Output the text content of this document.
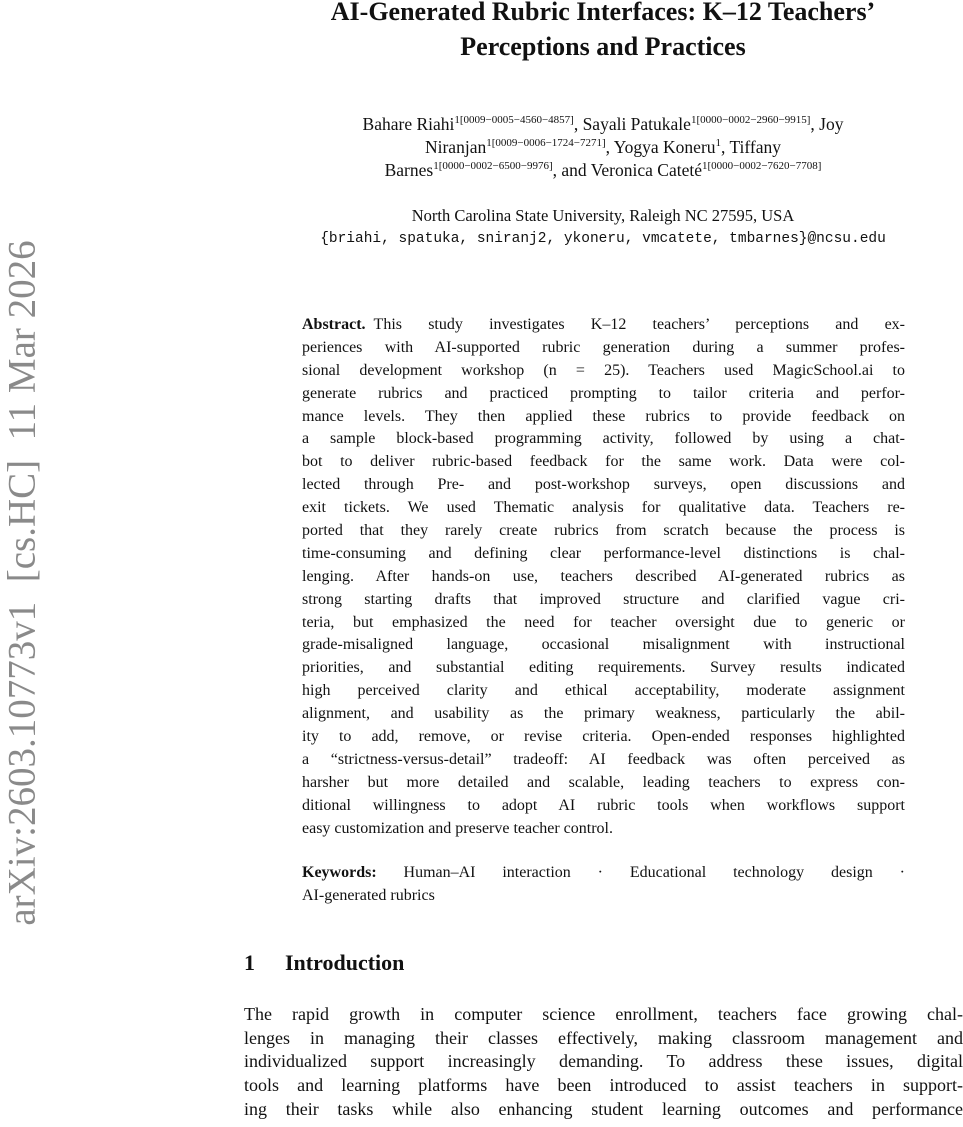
arXiv:2603.10773v1  [cs.HC]  11 Mar 2026
AI-Generated Rubric Interfaces: K–12 Teachers’
Perceptions and Practices
Bahare Riahi$^{1[0009-0005-4560-4857]}$, Sayali Patukale$^{1[0000-0002-2960-9915]}$, Joy
Niranjan$^{1[0009-0006-1724-7271]}$, Yogya Koneru$^1$, Tiffany
Barnes$^{1[0000-0002-6500-9976]}$, and Veronica Cateté$^{1[0000-0002-7620-7708]}$
North Carolina State University, Raleigh NC 27595, USA
{briahi, spatuka, sniranj2, ykoneru, vmcatete, tmbarnes}@ncsu.edu
Abstract.  This study investigates K–12 teachers’ perceptions and ex-
periences with AI-supported rubric generation during a summer profes-
sional development workshop (n = 25). Teachers used MagicSchool.ai to
generate rubrics and practiced prompting to tailor criteria and perfor-
mance levels. They then applied these rubrics to provide feedback on
a sample block-based programming activity, followed by using a chat-
bot to deliver rubric-based feedback for the same work. Data were col-
lected through Pre- and post-workshop surveys, open discussions and
exit tickets. We used Thematic analysis for qualitative data. Teachers re-
ported that they rarely create rubrics from scratch because the process is
time-consuming and defining clear performance-level distinctions is chal-
lenging. After hands-on use, teachers described AI-generated rubrics as
strong starting drafts that improved structure and clarified vague cri-
teria, but emphasized the need for teacher oversight due to generic or
grade-misaligned language, occasional misalignment with instructional
priorities, and substantial editing requirements. Survey results indicated
high perceived clarity and ethical acceptability, moderate assignment
alignment, and usability as the primary weakness, particularly the abil-
ity to add, remove, or revise criteria. Open-ended responses highlighted
a “strictness-versus-detail” tradeoff: AI feedback was often perceived as
harsher but more detailed and scalable, leading teachers to express con-
ditional willingness to adopt AI rubric tools when workflows support
easy customization and preserve teacher control.
Keywords: Human–AI interaction · Educational technology design ·
AI-generated rubrics
1 Introduction
The rapid growth in computer science enrollment, teachers face growing chal-
lenges in managing their classes effectively, making classroom management and
individualized support increasingly demanding. To address these issues, digital
tools and learning platforms have been introduced to assist teachers in support-
ing their tasks while also enhancing student learning outcomes and performance
